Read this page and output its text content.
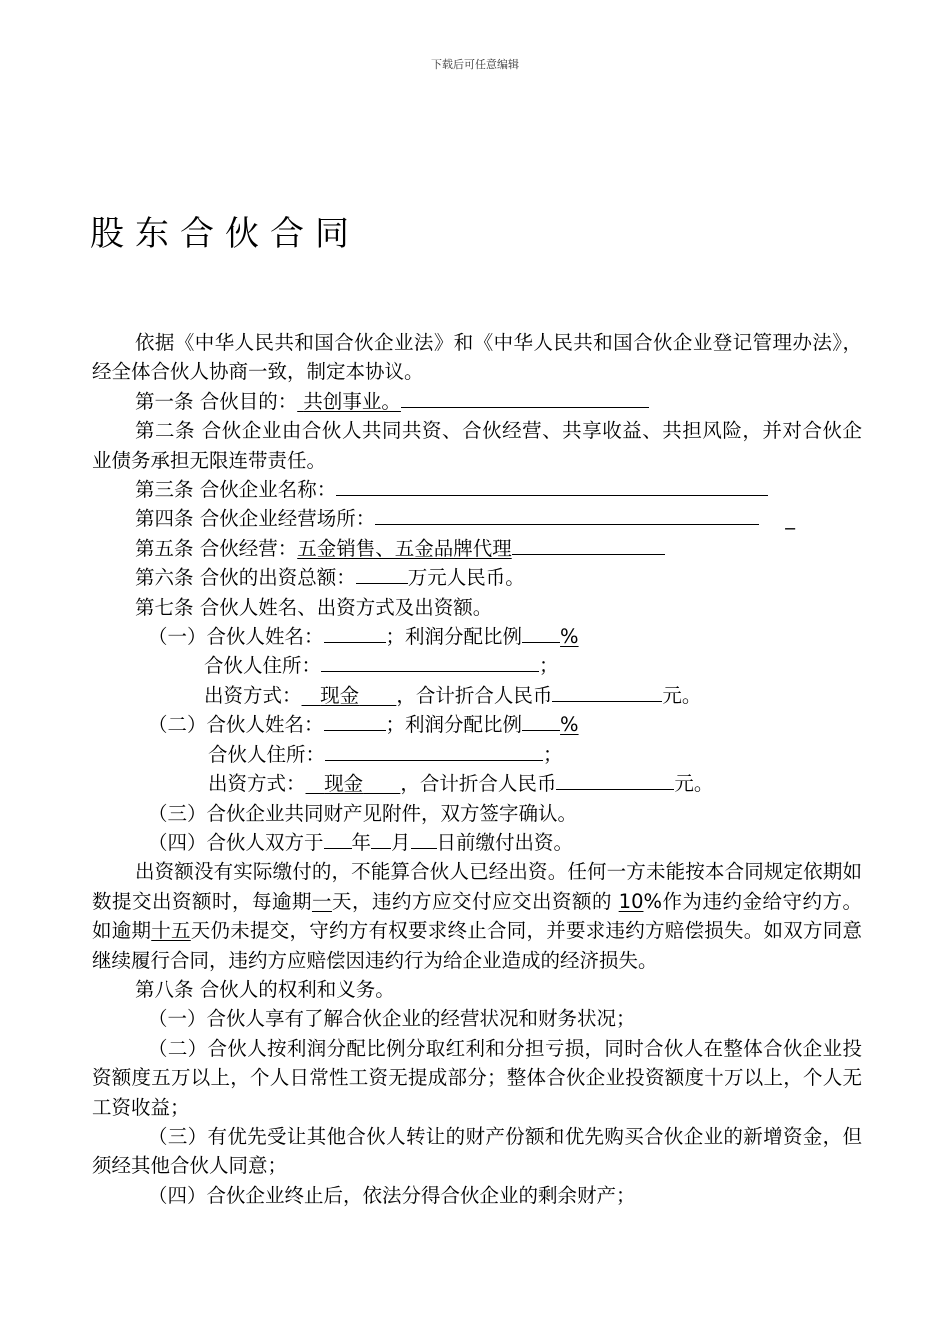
下载后可任意编辑
股东合伙合同
依据《中华人民共和国合伙企业法》和《中华人民共和国合伙企业登记管理办法》，经全体合伙人协商一致，制定本协议。
第一条 合伙目的： 共创事业。
第二条 合伙企业由合伙人共同共资、合伙经营、共享收益、共担风险，并对合伙企业债务承担无限连带责任。
第三条 合伙企业名称：
第四条 合伙企业经营场所：	_
第五条 合伙经营：五金销售、五金品牌代理
第六条 合伙的出资总额：	万元人民币。
第七条 合伙人姓名、出资方式及出资额。
（一）合伙人姓名：	；利润分配比例 %
合伙人住所：	；
出资方式： 现金 ，合计折合人民币	元。
（二）合伙人姓名：	；利润分配比例 %
合伙人住所：	；
出资方式： 现金 ，合计折合人民币	元。
（三）合伙企业共同财产见附件，双方签字确认。
（四）合伙人双方于 年 月 日前缴付出资。
出资额没有实际缴付的，不能算合伙人已经出资。任何一方未能按本合同规定依期如数提交出资额时，每逾期一天，违约方应交付应交出资额的 10%作为违约金给守约方。如逾期十五天仍未提交，守约方有权要求终止合同，并要求违约方赔偿损失。如双方同意继续履行合同，违约方应赔偿因违约行为给企业造成的经济损失。
第八条 合伙人的权利和义务。
（一）合伙人享有了解合伙企业的经营状况和财务状况；
（二）合伙人按利润分配比例分取红利和分担亏损，同时合伙人在整体合伙企业投资额度五万以上，个人日常性工资无提成部分；整体合伙企业投资额度十万以上，个人无工资收益；
（三）有优先受让其他合伙人转让的财产份额和优先购买合伙企业的新增资金，但须经其他合伙人同意；
（四）合伙企业终止后，依法分得合伙企业的剩余财产；
